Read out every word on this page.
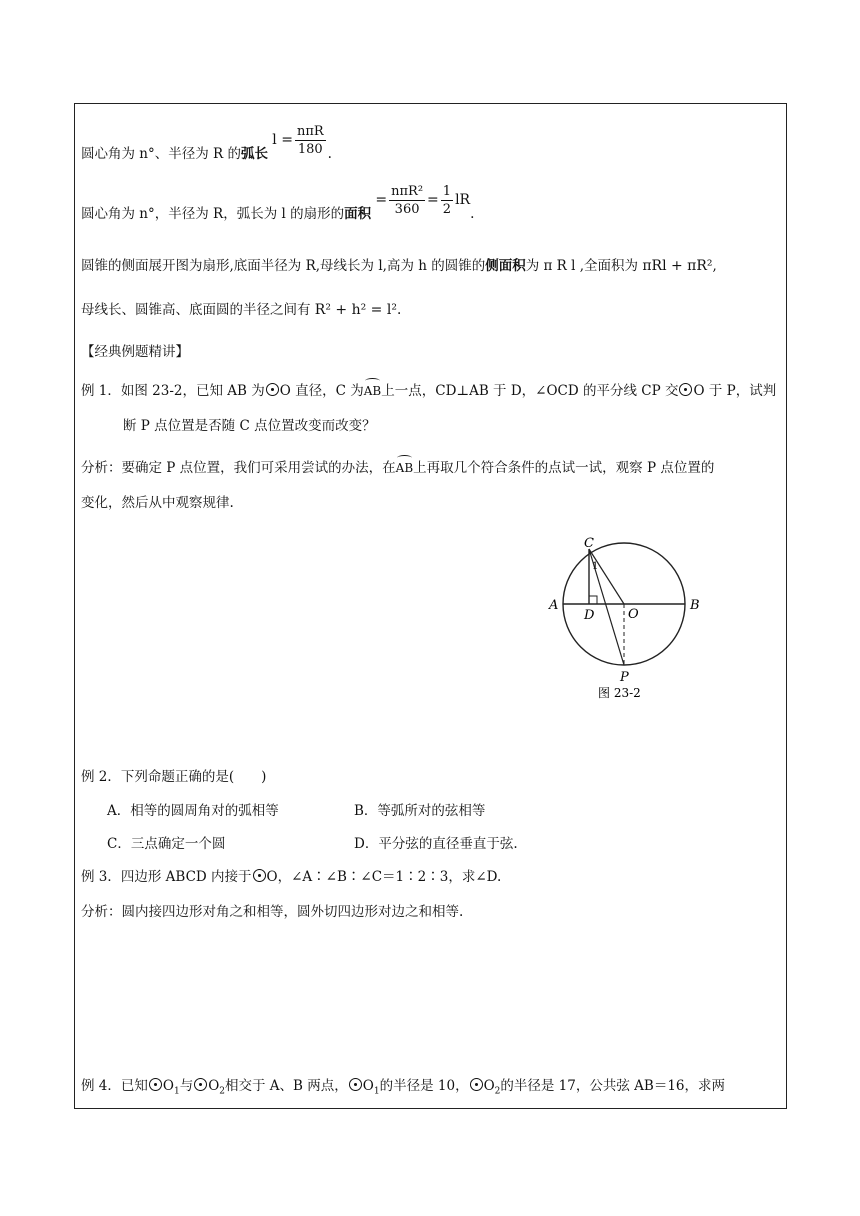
圆心角为 n°、半径为 R 的弧长 $l = \frac{\text{nπR}}{180}$ .
圆心角为 n°，半径为 R，弧长为 l 的扇形的面积 = $\frac{\text{nπR²}}{360} = \frac{1}{2}$ lR.
圆锥的侧面展开图为扇形,底面半径为 R,母线长为 l,高为 h 的圆锥的侧面积为 π R l ,全面积为 πRl + πR²,
母线长、圆锥高、底面圆的半径之间有 R² + h² = l².
【经典例题精讲】
例 1．如图 23-2，已知 AB 为 O 直径，C 为AB上一点，CD⊥AB 于 D，∠OCD 的平分线 CP 交 O 于 P，试判
断 P 点位置是否随 C 点位置改变而改变？
分析：要确定 P 点位置，我们可采用尝试的办法，在AB上再取几个符合条件的点试一试，观察 P 点位置的
变化，然后从中观察规律.
1
C
A	B
D	O
P
图 23-2
例 2．下列命题正确的是(　　)
A．相等的圆周角对的弧相等	B．等弧所对的弦相等
C．三点确定一个圆	D．平分弦的直径垂直于弦.
例 3．四边形 ABCD 内接于 O，∠A∶∠B∶∠C＝1∶2∶3，求∠D.
分析：圆内接四边形对角之和相等，圆外切四边形对边之和相等.
例 4．已知 $O_1$与 $O_2$相交于 A、B 两点， $O_1$的半径是 10， $O_2$的半径是 17，公共弦 AB＝16，求两
